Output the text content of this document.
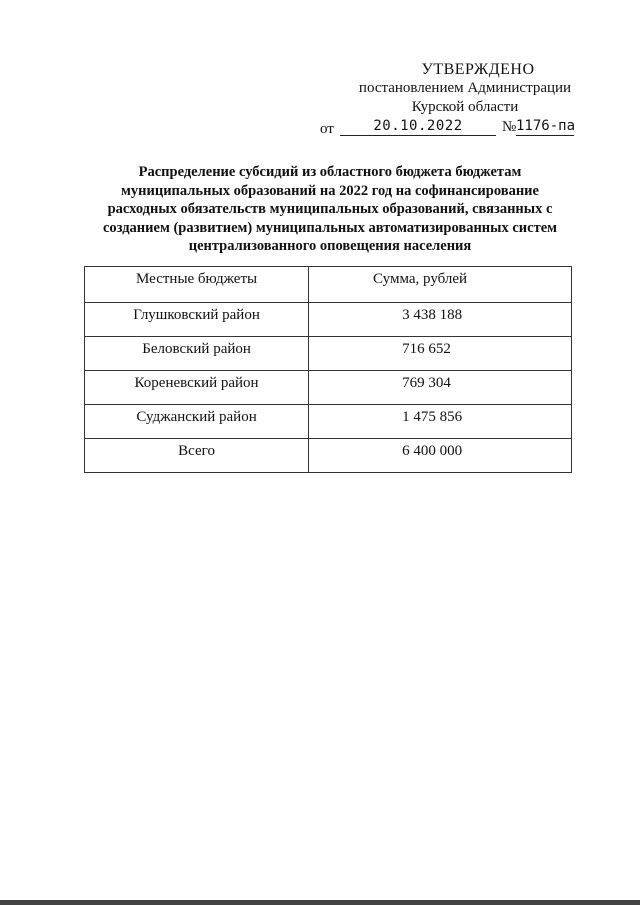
УТВЕРЖДЕНО
постановлением Администрации
Курской области
от	20.10.2022	№ 1176-па
Распределение субсидий из областного бюджета бюджетам
муниципальных образований на 2022 год на софинансирование
расходных обязательств муниципальных образований, связанных с
созданием (развитием) муниципальных автоматизированных систем
централизованного оповещения населения
Местные бюджеты	Сумма, рублей
Глушковский район	3 438 188
Беловский район	716 652
Кореневский район	769 304
Суджанский район	1 475 856
Всего	6 400 000
